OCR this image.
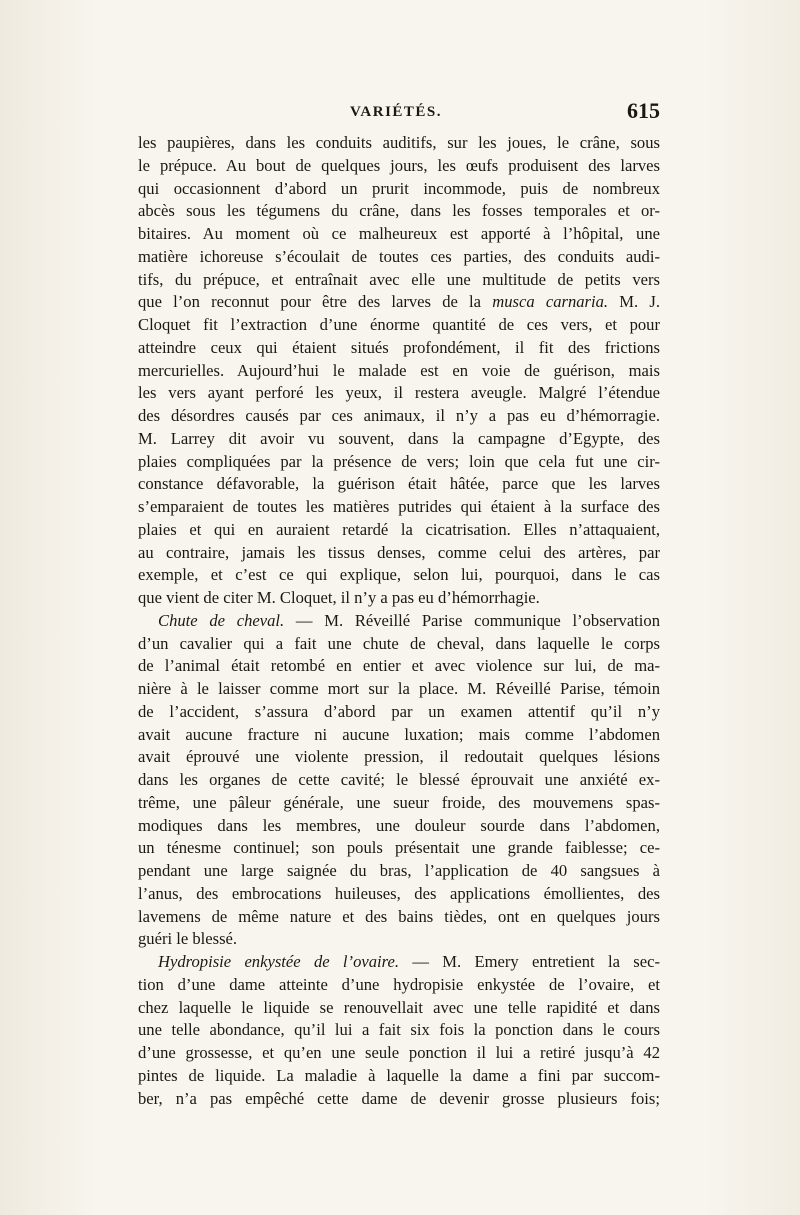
VARIÉTÉS.	615
les paupières, dans les conduits auditifs, sur les joues, le crâne, sous
le prépuce. Au bout de quelques jours, les œufs produisent des larves
qui occasionnent d’abord un prurit incommode, puis de nombreux
abcès sous les tégumens du crâne, dans les fosses temporales et or-
bitaires. Au moment où ce malheureux est apporté à l’hôpital, une
matière ichoreuse s’écoulait de toutes ces parties, des conduits audi-
tifs, du prépuce, et entraînait avec elle une multitude de petits vers
que l’on reconnut pour être des larves de la musca carnaria. M. J.
Cloquet fit l’extraction d’une énorme quantité de ces vers, et pour
atteindre ceux qui étaient situés profondément, il fit des frictions
mercurielles. Aujourd’hui le malade est en voie de guérison, mais
les vers ayant perforé les yeux, il restera aveugle. Malgré l’étendue
des désordres causés par ces animaux, il n’y a pas eu d’hémorragie.
M. Larrey dit avoir vu souvent, dans la campagne d’Egypte, des
plaies compliquées par la présence de vers; loin que cela fut une cir-
constance défavorable, la guérison était hâtée, parce que les larves
s’emparaient de toutes les matières putrides qui étaient à la surface des
plaies et qui en auraient retardé la cicatrisation. Elles n’attaquaient,
au contraire, jamais les tissus denses, comme celui des artères, par
exemple, et c’est ce qui explique, selon lui, pourquoi, dans le cas
que vient de citer M. Cloquet, il n’y a pas eu d’hémorrhagie.
Chute de cheval. — M. Réveillé Parise communique l’observation
d’un cavalier qui a fait une chute de cheval, dans laquelle le corps
de l’animal était retombé en entier et avec violence sur lui, de ma-
nière à le laisser comme mort sur la place. M. Réveillé Parise, témoin
de l’accident, s’assura d’abord par un examen attentif qu’il n’y
avait aucune fracture ni aucune luxation; mais comme l’abdomen
avait éprouvé une violente pression, il redoutait quelques lésions
dans les organes de cette cavité; le blessé éprouvait une anxiété ex-
trême, une pâleur générale, une sueur froide, des mouvemens spas-
modiques dans les membres, une douleur sourde dans l’abdomen,
un ténesme continuel; son pouls présentait une grande faiblesse; ce-
pendant une large saignée du bras, l’application de 40 sangsues à
l’anus, des embrocations huileuses, des applications émollientes, des
lavemens de même nature et des bains tièdes, ont en quelques jours
guéri le blessé.
Hydropisie enkystée de l’ovaire. — M. Emery entretient la sec-
tion d’une dame atteinte d’une hydropisie enkystée de l’ovaire, et
chez laquelle le liquide se renouvellait avec une telle rapidité et dans
une telle abondance, qu’il lui a fait six fois la ponction dans le cours
d’une grossesse, et qu’en une seule ponction il lui a retiré jusqu’à 42
pintes de liquide. La maladie à laquelle la dame a fini par succom-
ber, n’a pas empêché cette dame de devenir grosse plusieurs fois;
